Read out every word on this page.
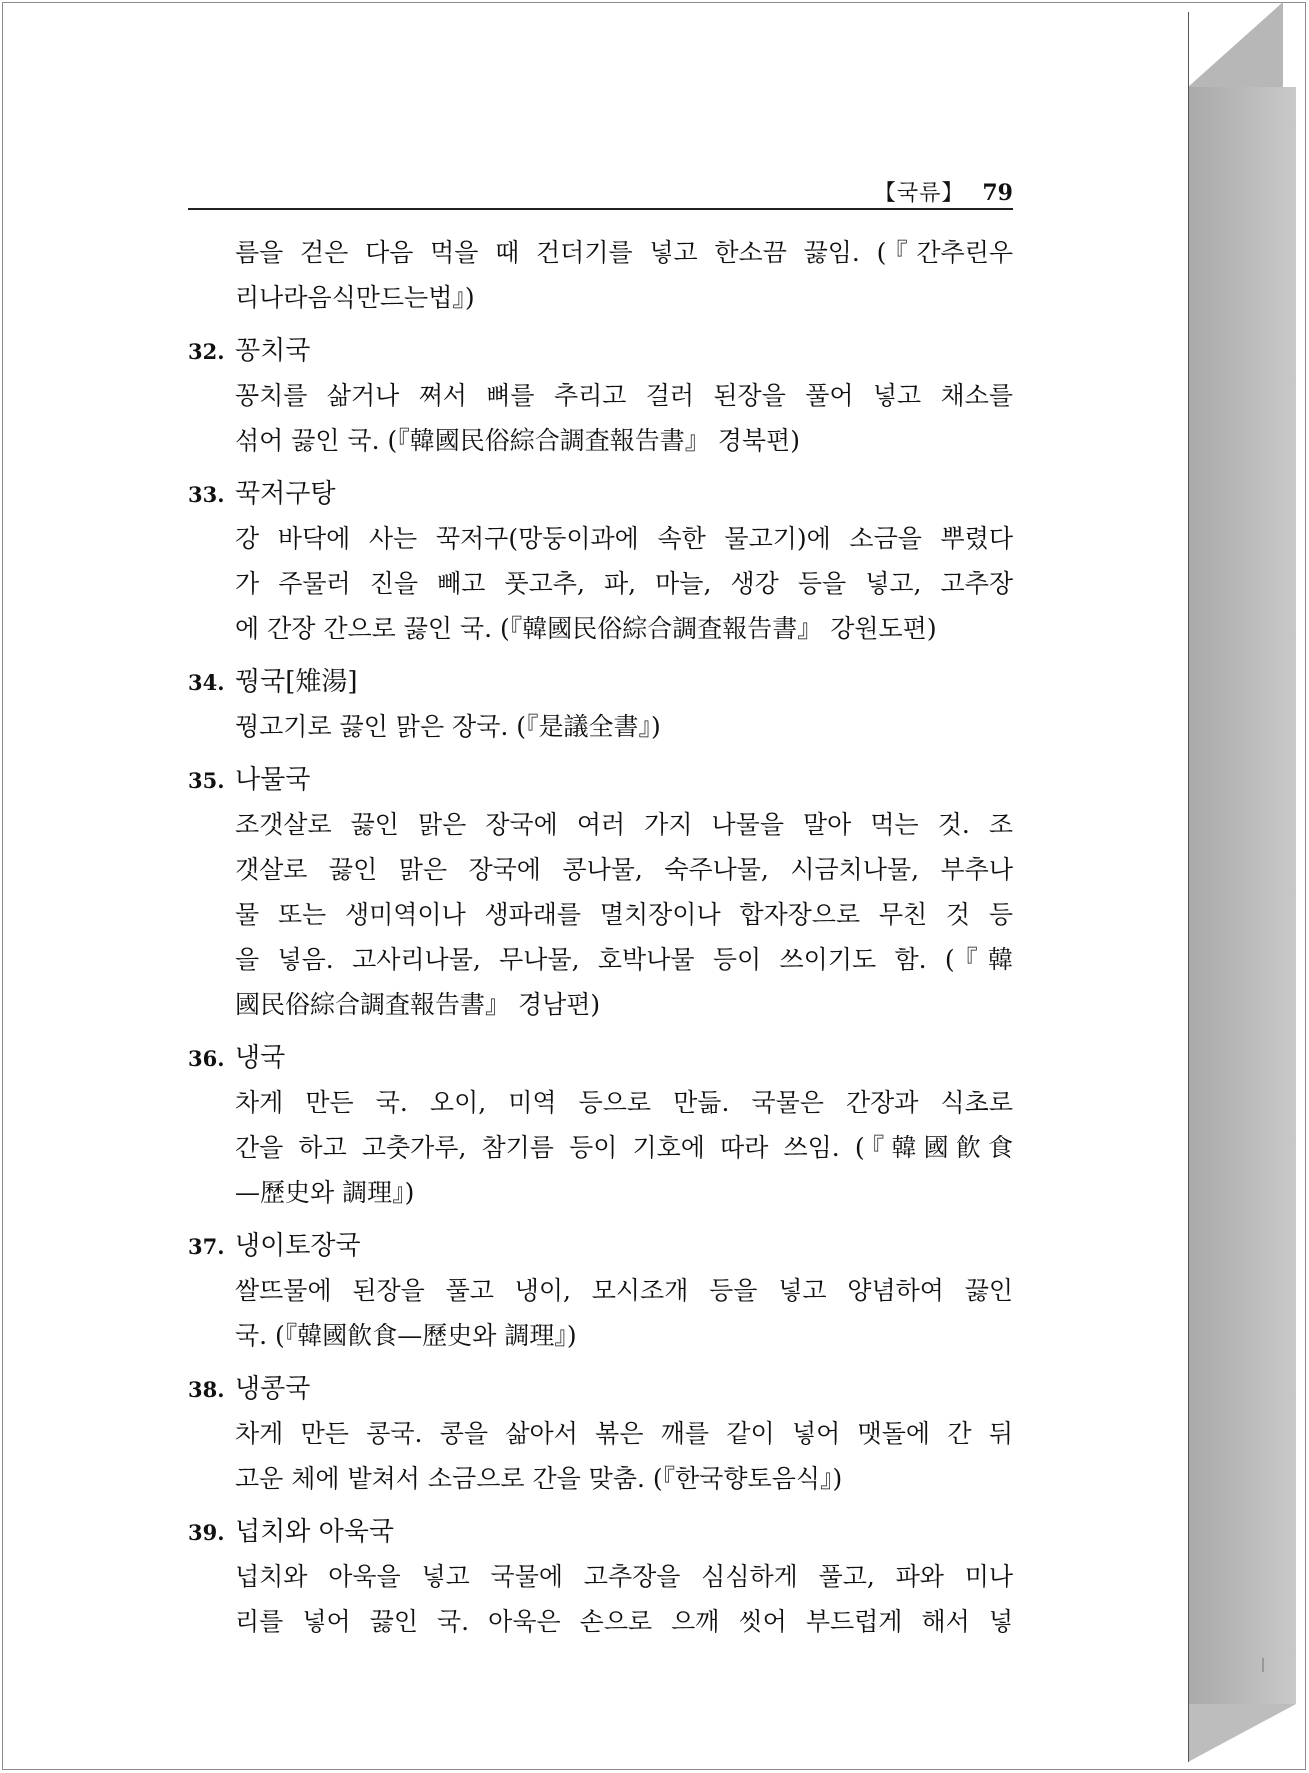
【국류】 79
름을 걷은 다음 먹을 때 건더기를 넣고 한소끔 끓임. (『간추린우
리나라음식만드는법』)
32. 꽁치국
꽁치를 삶거나 쪄서 뼈를 추리고 걸러 된장을 풀어 넣고 채소를
섞어 끓인 국. (『韓國民俗綜合調査報告書』 경북편)
33. 꾹저구탕
강 바닥에 사는 꾹저구(망둥이과에 속한 물고기)에 소금을 뿌렸다
가 주물러 진을 빼고 풋고추, 파, 마늘, 생강 등을 넣고, 고추장
에 간장 간으로 끓인 국. (『韓國民俗綜合調査報告書』 강원도편)
34. 꿩국[雉湯]
꿩고기로 끓인 맑은 장국. (『是議全書』)
35. 나물국
조갯살로 끓인 맑은 장국에 여러 가지 나물을 말아 먹는 것. 조
갯살로 끓인 맑은 장국에 콩나물, 숙주나물, 시금치나물, 부추나
물 또는 생미역이나 생파래를 멸치장이나 합자장으로 무친 것 등
을 넣음. 고사리나물, 무나물, 호박나물 등이 쓰이기도 함. (『韓
國民俗綜合調査報告書』 경남편)
36. 냉국
차게 만든 국. 오이, 미역 등으로 만듦. 국물은 간장과 식초로
간을 하고 고춧가루, 참기름 등이 기호에 따라 쓰임. (『韓國飮食
—歷史와 調理』)
37. 냉이토장국
쌀뜨물에 된장을 풀고 냉이, 모시조개 등을 넣고 양념하여 끓인
국. (『韓國飮食—歷史와 調理』)
38. 냉콩국
차게 만든 콩국. 콩을 삶아서 볶은 깨를 같이 넣어 맷돌에 간 뒤
고운 체에 밭쳐서 소금으로 간을 맞춤. (『한국향토음식』)
39. 넙치와 아욱국
넙치와 아욱을 넣고 국물에 고추장을 심심하게 풀고, 파와 미나
리를 넣어 끓인 국. 아욱은 손으로 으깨 씻어 부드럽게 해서 넣
